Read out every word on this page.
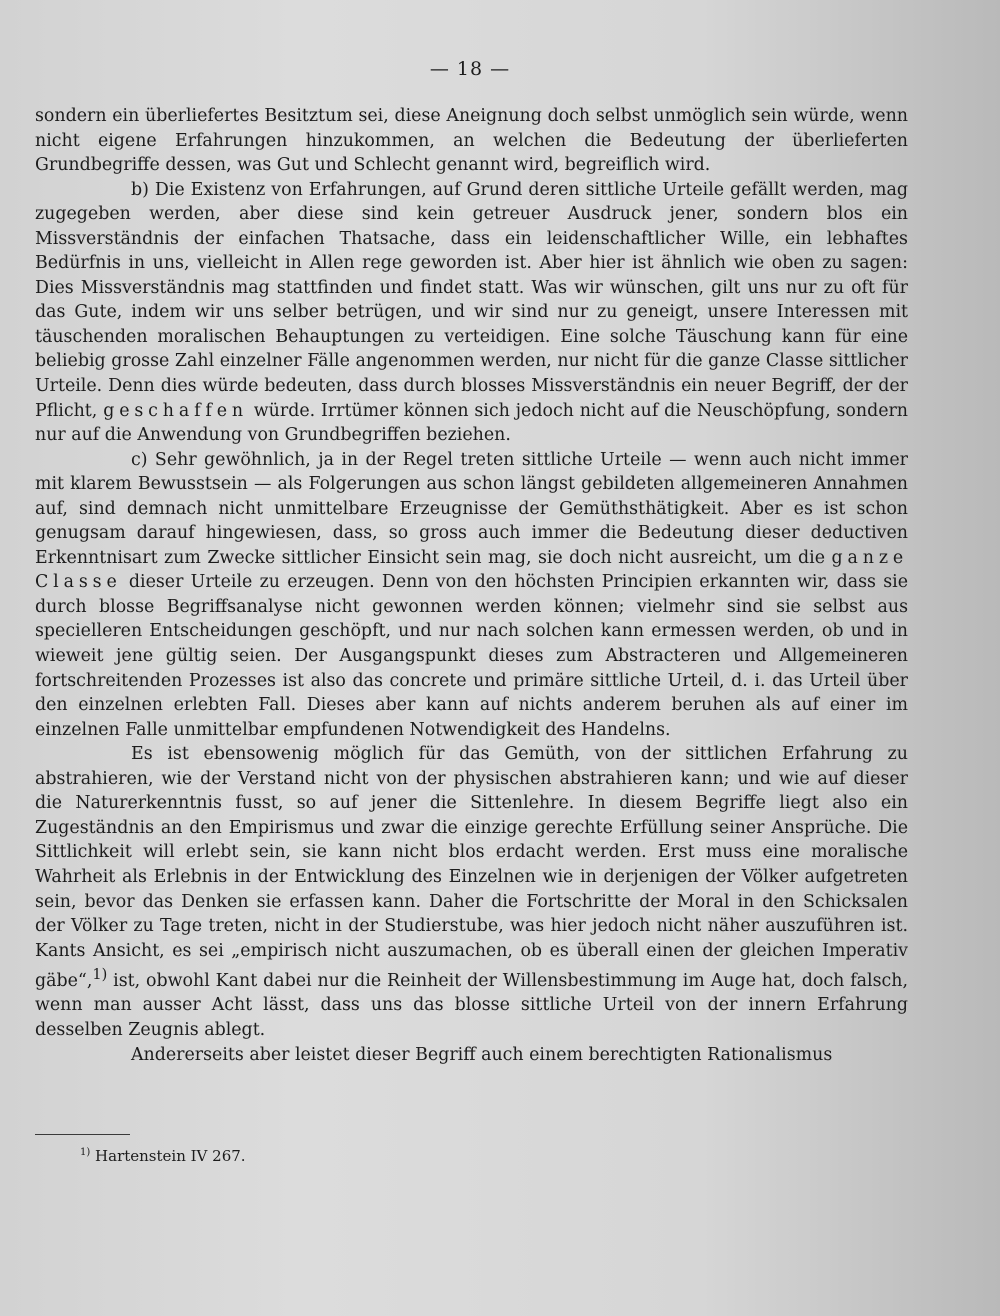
— 18 —

sondern ein überliefertes Besitztum sei, diese Aneignung doch selbst unmöglich sein würde, wenn nicht eigene Erfahrungen hinzukommen, an welchen die Bedeutung der überlieferten Grundbegriffe dessen, was Gut und Schlecht genannt wird, begreiflich wird.

b) Die Existenz von Erfahrungen, auf Grund deren sittliche Urteile gefällt werden, mag zugegeben werden, aber diese sind kein getreuer Ausdruck jener, sondern blos ein Missverständnis der einfachen Thatsache, dass ein leidenschaftlicher Wille, ein lebhaftes Bedürfnis in uns, vielleicht in Allen rege geworden ist. Aber hier ist ähnlich wie oben zu sagen: Dies Missverständnis mag stattfinden und findet statt. Was wir wünschen, gilt uns nur zu oft für das Gute, indem wir uns selber betrügen, und wir sind nur zu geneigt, unsere Interessen mit täuschenden moralischen Behauptungen zu verteidigen. Eine solche Täuschung kann für eine beliebig grosse Zahl einzelner Fälle angenommen werden, nur nicht für die ganze Classe sittlicher Urteile. Denn dies würde bedeuten, dass durch blosses Missverständnis ein neuer Begriff, der der Pflicht, geschaffen würde. Irrtümer können sich jedoch nicht auf die Neuschöpfung, sondern nur auf die Anwendung von Grundbegriffen beziehen.

c) Sehr gewöhnlich, ja in der Regel treten sittliche Urteile — wenn auch nicht immer mit klarem Bewusstsein — als Folgerungen aus schon längst gebildeten allgemeineren Annahmen auf, sind demnach nicht unmittelbare Erzeugnisse der Gemüthsthätigkeit. Aber es ist schon genugsam darauf hingewiesen, dass, so gross auch immer die Bedeutung dieser deductiven Erkenntnisart zum Zwecke sittlicher Einsicht sein mag, sie doch nicht ausreicht, um die ganze Classe dieser Urteile zu erzeugen. Denn von den höchsten Principien erkannten wir, dass sie durch blosse Begriffsanalyse nicht gewonnen werden können; vielmehr sind sie selbst aus specielleren Entscheidungen geschöpft, und nur nach solchen kann ermessen werden, ob und in wieweit jene gültig seien. Der Ausgangspunkt dieses zum Abstracteren und Allgemeineren fortschreitenden Prozesses ist also das concrete und primäre sittliche Urteil, d. i. das Urteil über den einzelnen erlebten Fall. Dieses aber kann auf nichts anderem beruhen als auf einer im einzelnen Falle unmittelbar empfundenen Notwendigkeit des Handelns.

Es ist ebensowenig möglich für das Gemüth, von der sittlichen Erfahrung zu abstrahieren, wie der Verstand nicht von der physischen abstrahieren kann; und wie auf dieser die Naturerkenntnis fusst, so auf jener die Sittenlehre. In diesem Begriffe liegt also ein Zugeständnis an den Empirismus und zwar die einzige gerechte Erfüllung seiner Ansprüche. Die Sittlichkeit will erlebt sein, sie kann nicht blos erdacht werden. Erst muss eine moralische Wahrheit als Erlebnis in der Entwicklung des Einzelnen wie in derjenigen der Völker aufgetreten sein, bevor das Denken sie erfassen kann. Daher die Fortschritte der Moral in den Schicksalen der Völker zu Tage treten, nicht in der Studierstube, was hier jedoch nicht näher auszuführen ist. Kants Ansicht, es sei „empirisch nicht auszumachen, ob es überall einen der gleichen Imperativ gäbe“,$^{1)}$ ist, obwohl Kant dabei nur die Reinheit der Willensbestimmung im Auge hat, doch falsch, wenn man ausser Acht lässt, dass uns das blosse sittliche Urteil von der innern Erfahrung desselben Zeugnis ablegt.

Andererseits aber leistet dieser Begriff auch einem berechtigten Rationalismus

$^{1)}$ Hartenstein IV 267.
